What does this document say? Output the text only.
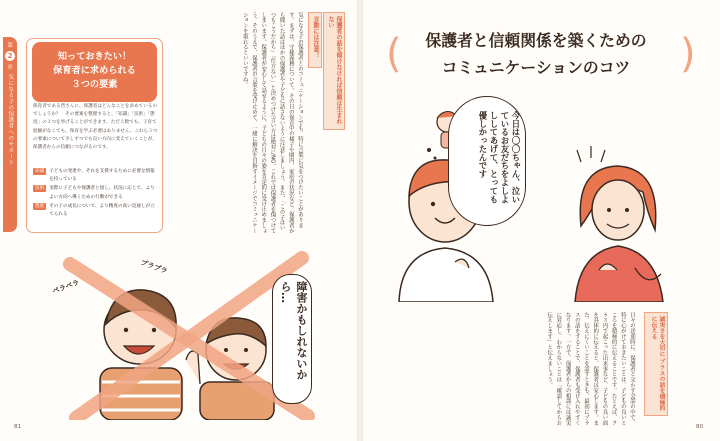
第
2
章
気になる子の保護者へのサポート
知っておきたい！
保育者に求められる
３つの要素
保育者である皆さんに、保護者はどんなことを求めているのでしょうか？　その要素を整理すると、「知識」「技術」「態度」の３つを挙げることができます。ただ人数でも、子育て経験がなくても、保育を学ぶ必要はありません。これら３つの要素について少しずつでも良い方向に変えていくことが、保護者からの信頼につながるのです。
知識	子どもの発達や、それを支援するために必要な情報を持っている
技術	実際に子どもや保護者と接し、状況に応じて、よりよい方向へ導くための行動ができる
態度	その子の成長について、より精度の高い見通しが立てられる
保護者の話を傾けなければ信頼は生まれない
言動には注意！
気になる子の保護者とのコミュニケーションでも、特に言葉に気をつけたいことがあります。まずは、守秘義務について。その日の保育中の様子や園内、家庭の状況など、保護者から聞いた話はほかの保護者や子どもに話さないように注意しましょう。また、「この子はいつもこうだから」「仕方ない」と決めつけた言い方は絶対にNG。これでは保護者を傷つけてしまいます。保護者が安心して話せるように、子どもの日々の姿を肯定的に受け止めましょう。そのうえで、保護者の言葉を受け止めて、一緒に解決を目指すイメージでコミュニケーションを取れるといいですね。
ペラペラ
プラプラ
障害かもしれないから…
81
(	)
保護者と信頼関係を築くための
コミュニケーションのコツ
今日は〇〇ちゃん、泣いているお友だちをよしよししてあげて、とっても優しかったんです
誠実さを大切に プラスの話を積極的に伝える
日々の送迎時に、保護者と交わす会話の中で、特に心がけておきたいことは、子どもの良いところを積極的に伝えることです。たとえば、クラス内で起こった出来事など、子どもの良い面を具体的に伝えると、保護者は安心します。また、伝えにくいことを話すときも、最初にプラスの話をすることで、保護者も受け入れやすくなります。一方で、保護者からの相談には誠実に対応し、わからないことは「確認してからお伝えします」と伝えましょう。
80
